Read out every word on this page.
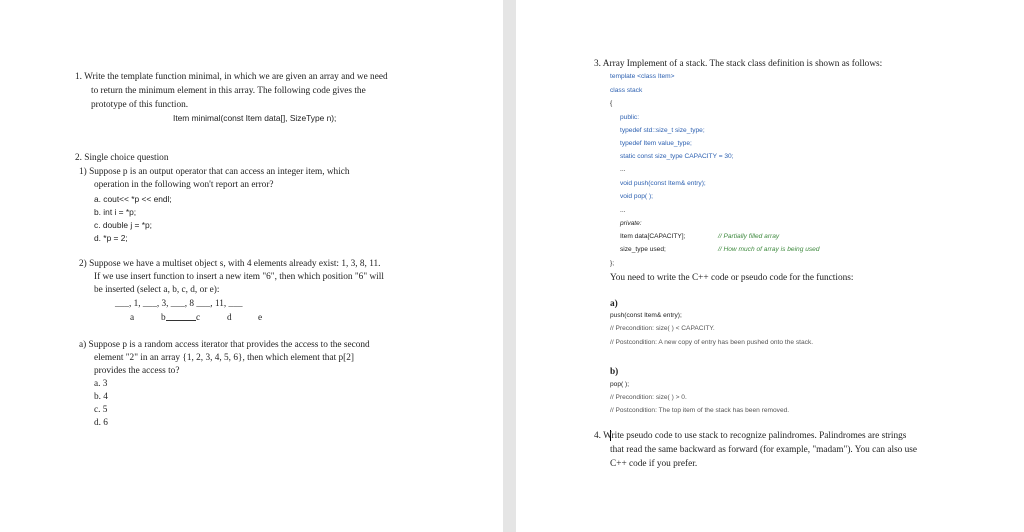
1. Write the template function minimal, in which we are given an array and we need
to return the minimum element in this array. The following code gives the
prototype of this function.
Item minimal(const Item data[], SizeType n);
2. Single choice question
1) Suppose p is an output operator that can access an integer item, which
operation in the following won't report an error?
a. cout<< *p << endl;
b. int i = *p;
c. double j = *p;
d. *p = 2;
2) Suppose we have a multiset object s, with 4 elements already exist: 1, 3, 8, 11.
If we use insert function to insert a new item "6", then which position "6" will
be inserted (select a, b, c, d, or e):
___, 1, ___, 3, ___, 8 ___, 11, ___
a	b	c	d	e
a) Suppose p is a random access iterator that provides the access to the second
element "2" in an array {1, 2, 3, 4, 5, 6}, then which element that p[2]
provides the access to?
a. 3
b. 4
c. 5
d. 6
3. Array Implement of a stack. The stack class definition is shown as follows:
template <class Item>
class stack
{
public:
typedef std::size_t size_type;
typedef Item value_type;
static const size_type CAPACITY = 30;
...
void push(const Item& entry);
void pop( );
...
private:
Item data[CAPACITY];	// Partially filled array
size_type used;	// How much of array is being used
};
You need to write the C++ code or pseudo code for the functions:
a)
push(const Item& entry);
// Precondition: size( ) < CAPACITY.
// Postcondition: A new copy of entry has been pushed onto the stack.
b)
pop( );
// Precondition: size( ) > 0.
// Postcondition: The top item of the stack has been removed.
4. Write pseudo code to use stack to recognize palindromes. Palindromes are strings
that read the same backward as forward (for example, "madam"). You can also use
C++ code if you prefer.
